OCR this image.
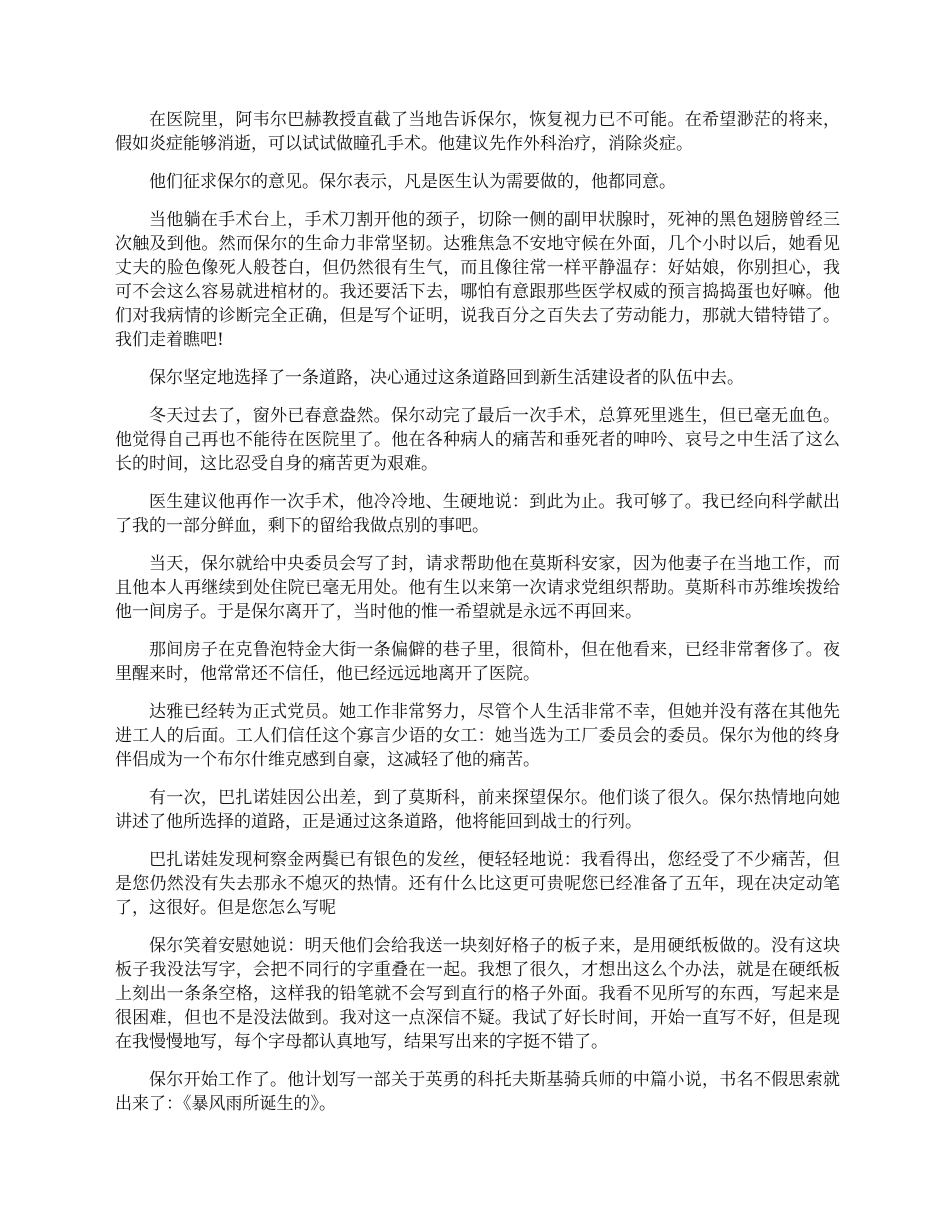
在医院里，阿韦尔巴赫教授直截了当地告诉保尔，恢复视力已不可能。在希望渺茫的将来，假如炎症能够消逝，可以试试做瞳孔手术。他建议先作外科治疗，消除炎症。

他们征求保尔的意见。保尔表示，凡是医生认为需要做的，他都同意。

当他躺在手术台上，手术刀割开他的颈子，切除一侧的副甲状腺时，死神的黑色翅膀曾经三次触及到他。然而保尔的生命力非常坚韧。达雅焦急不安地守候在外面，几个小时以后，她看见丈夫的脸色像死人般苍白，但仍然很有生气，而且像往常一样平静温存：好姑娘，你别担心，我可不会这么容易就进棺材的。我还要活下去，哪怕有意跟那些医学权威的预言捣捣蛋也好嘛。他们对我病情的诊断完全正确，但是写个证明，说我百分之百失去了劳动能力，那就大错特错了。我们走着瞧吧!

保尔坚定地选择了一条道路，决心通过这条道路回到新生活建设者的队伍中去。

冬天过去了，窗外已春意盎然。保尔动完了最后一次手术，总算死里逃生，但已毫无血色。他觉得自己再也不能待在医院里了。他在各种病人的痛苦和垂死者的呻吟、哀号之中生活了这么长的时间，这比忍受自身的痛苦更为艰难。

医生建议他再作一次手术，他冷冷地、生硬地说：到此为止。我可够了。我已经向科学献出了我的一部分鲜血，剩下的留给我做点别的事吧。

当天，保尔就给中央委员会写了封，请求帮助他在莫斯科安家，因为他妻子在当地工作，而且他本人再继续到处住院已毫无用处。他有生以来第一次请求党组织帮助。莫斯科市苏维埃拨给他一间房子。于是保尔离开了，当时他的惟一希望就是永远不再回来。

那间房子在克鲁泡特金大街一条偏僻的巷子里，很简朴，但在他看来，已经非常奢侈了。夜里醒来时，他常常还不信任，他已经远远地离开了医院。

达雅已经转为正式党员。她工作非常努力，尽管个人生活非常不幸，但她并没有落在其他先进工人的后面。工人们信任这个寡言少语的女工：她当选为工厂委员会的委员。保尔为他的终身伴侣成为一个布尔什维克感到自豪，这减轻了他的痛苦。

有一次，巴扎诺娃因公出差，到了莫斯科，前来探望保尔。他们谈了很久。保尔热情地向她讲述了他所选择的道路，正是通过这条道路，他将能回到战士的行列。

巴扎诺娃发现柯察金两鬓已有银色的发丝，便轻轻地说：我看得出，您经受了不少痛苦，但是您仍然没有失去那永不熄灭的热情。还有什么比这更可贵呢您已经准备了五年，现在决定动笔了，这很好。但是您怎么写呢

保尔笑着安慰她说：明天他们会给我送一块刻好格子的板子来，是用硬纸板做的。没有这块板子我没法写字，会把不同行的字重叠在一起。我想了很久，才想出这么个办法，就是在硬纸板上刻出一条条空格，这样我的铅笔就不会写到直行的格子外面。我看不见所写的东西，写起来是很困难，但也不是没法做到。我对这一点深信不疑。我试了好长时间，开始一直写不好，但是现在我慢慢地写，每个字母都认真地写，结果写出来的字挺不错了。

保尔开始工作了。他计划写一部关于英勇的科托夫斯基骑兵师的中篇小说，书名不假思索就出来了：《暴风雨所诞生的》。
